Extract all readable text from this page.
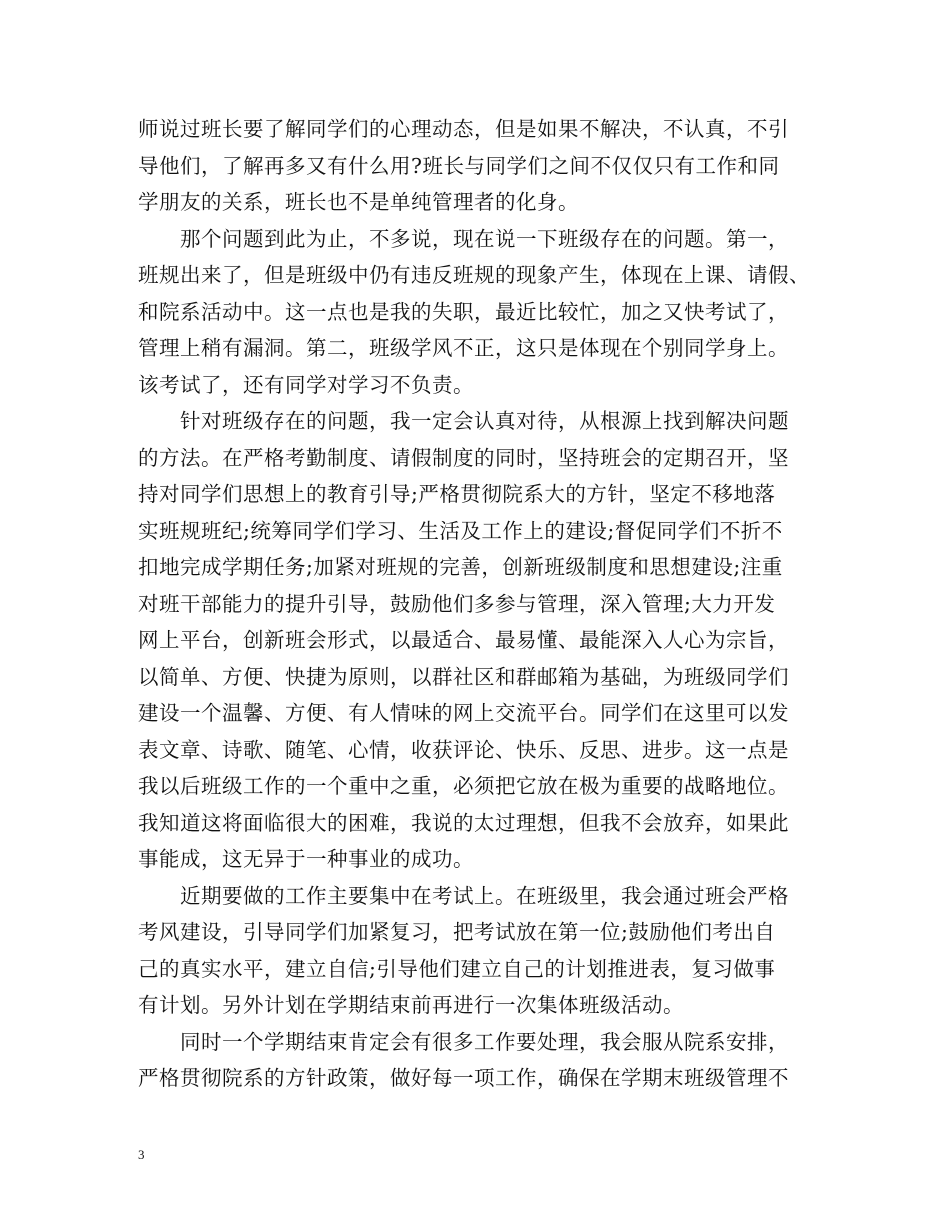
师说过班长要了解同学们的心理动态，但是如果不解决，不认真，不引
导他们，了解再多又有什么用?班长与同学们之间不仅仅只有工作和同
学朋友的关系，班长也不是单纯管理者的化身。
　　那个问题到此为止，不多说，现在说一下班级存在的问题。第一，
班规出来了，但是班级中仍有违反班规的现象产生，体现在上课、请假、
和院系活动中。这一点也是我的失职，最近比较忙，加之又快考试了，
管理上稍有漏洞。第二，班级学风不正，这只是体现在个别同学身上。
该考试了，还有同学对学习不负责。
　　针对班级存在的问题，我一定会认真对待，从根源上找到解决问题
的方法。在严格考勤制度、请假制度的同时，坚持班会的定期召开，坚
持对同学们思想上的教育引导;严格贯彻院系大的方针，坚定不移地落
实班规班纪;统筹同学们学习、生活及工作上的建设;督促同学们不折不
扣地完成学期任务;加紧对班规的完善，创新班级制度和思想建设;注重
对班干部能力的提升引导，鼓励他们多参与管理，深入管理;大力开发
网上平台，创新班会形式，以最适合、最易懂、最能深入人心为宗旨，
以简单、方便、快捷为原则，以群社区和群邮箱为基础，为班级同学们
建设一个温馨、方便、有人情味的网上交流平台。同学们在这里可以发
表文章、诗歌、随笔、心情，收获评论、快乐、反思、进步。这一点是
我以后班级工作的一个重中之重，必须把它放在极为重要的战略地位。
我知道这将面临很大的困难，我说的太过理想，但我不会放弃，如果此
事能成，这无异于一种事业的成功。
　　近期要做的工作主要集中在考试上。在班级里，我会通过班会严格
考风建设，引导同学们加紧复习，把考试放在第一位;鼓励他们考出自
己的真实水平，建立自信;引导他们建立自己的计划推进表，复习做事
有计划。另外计划在学期结束前再进行一次集体班级活动。
　　同时一个学期结束肯定会有很多工作要处理，我会服从院系安排，
严格贯彻院系的方针政策，做好每一项工作，确保在学期末班级管理不
3
